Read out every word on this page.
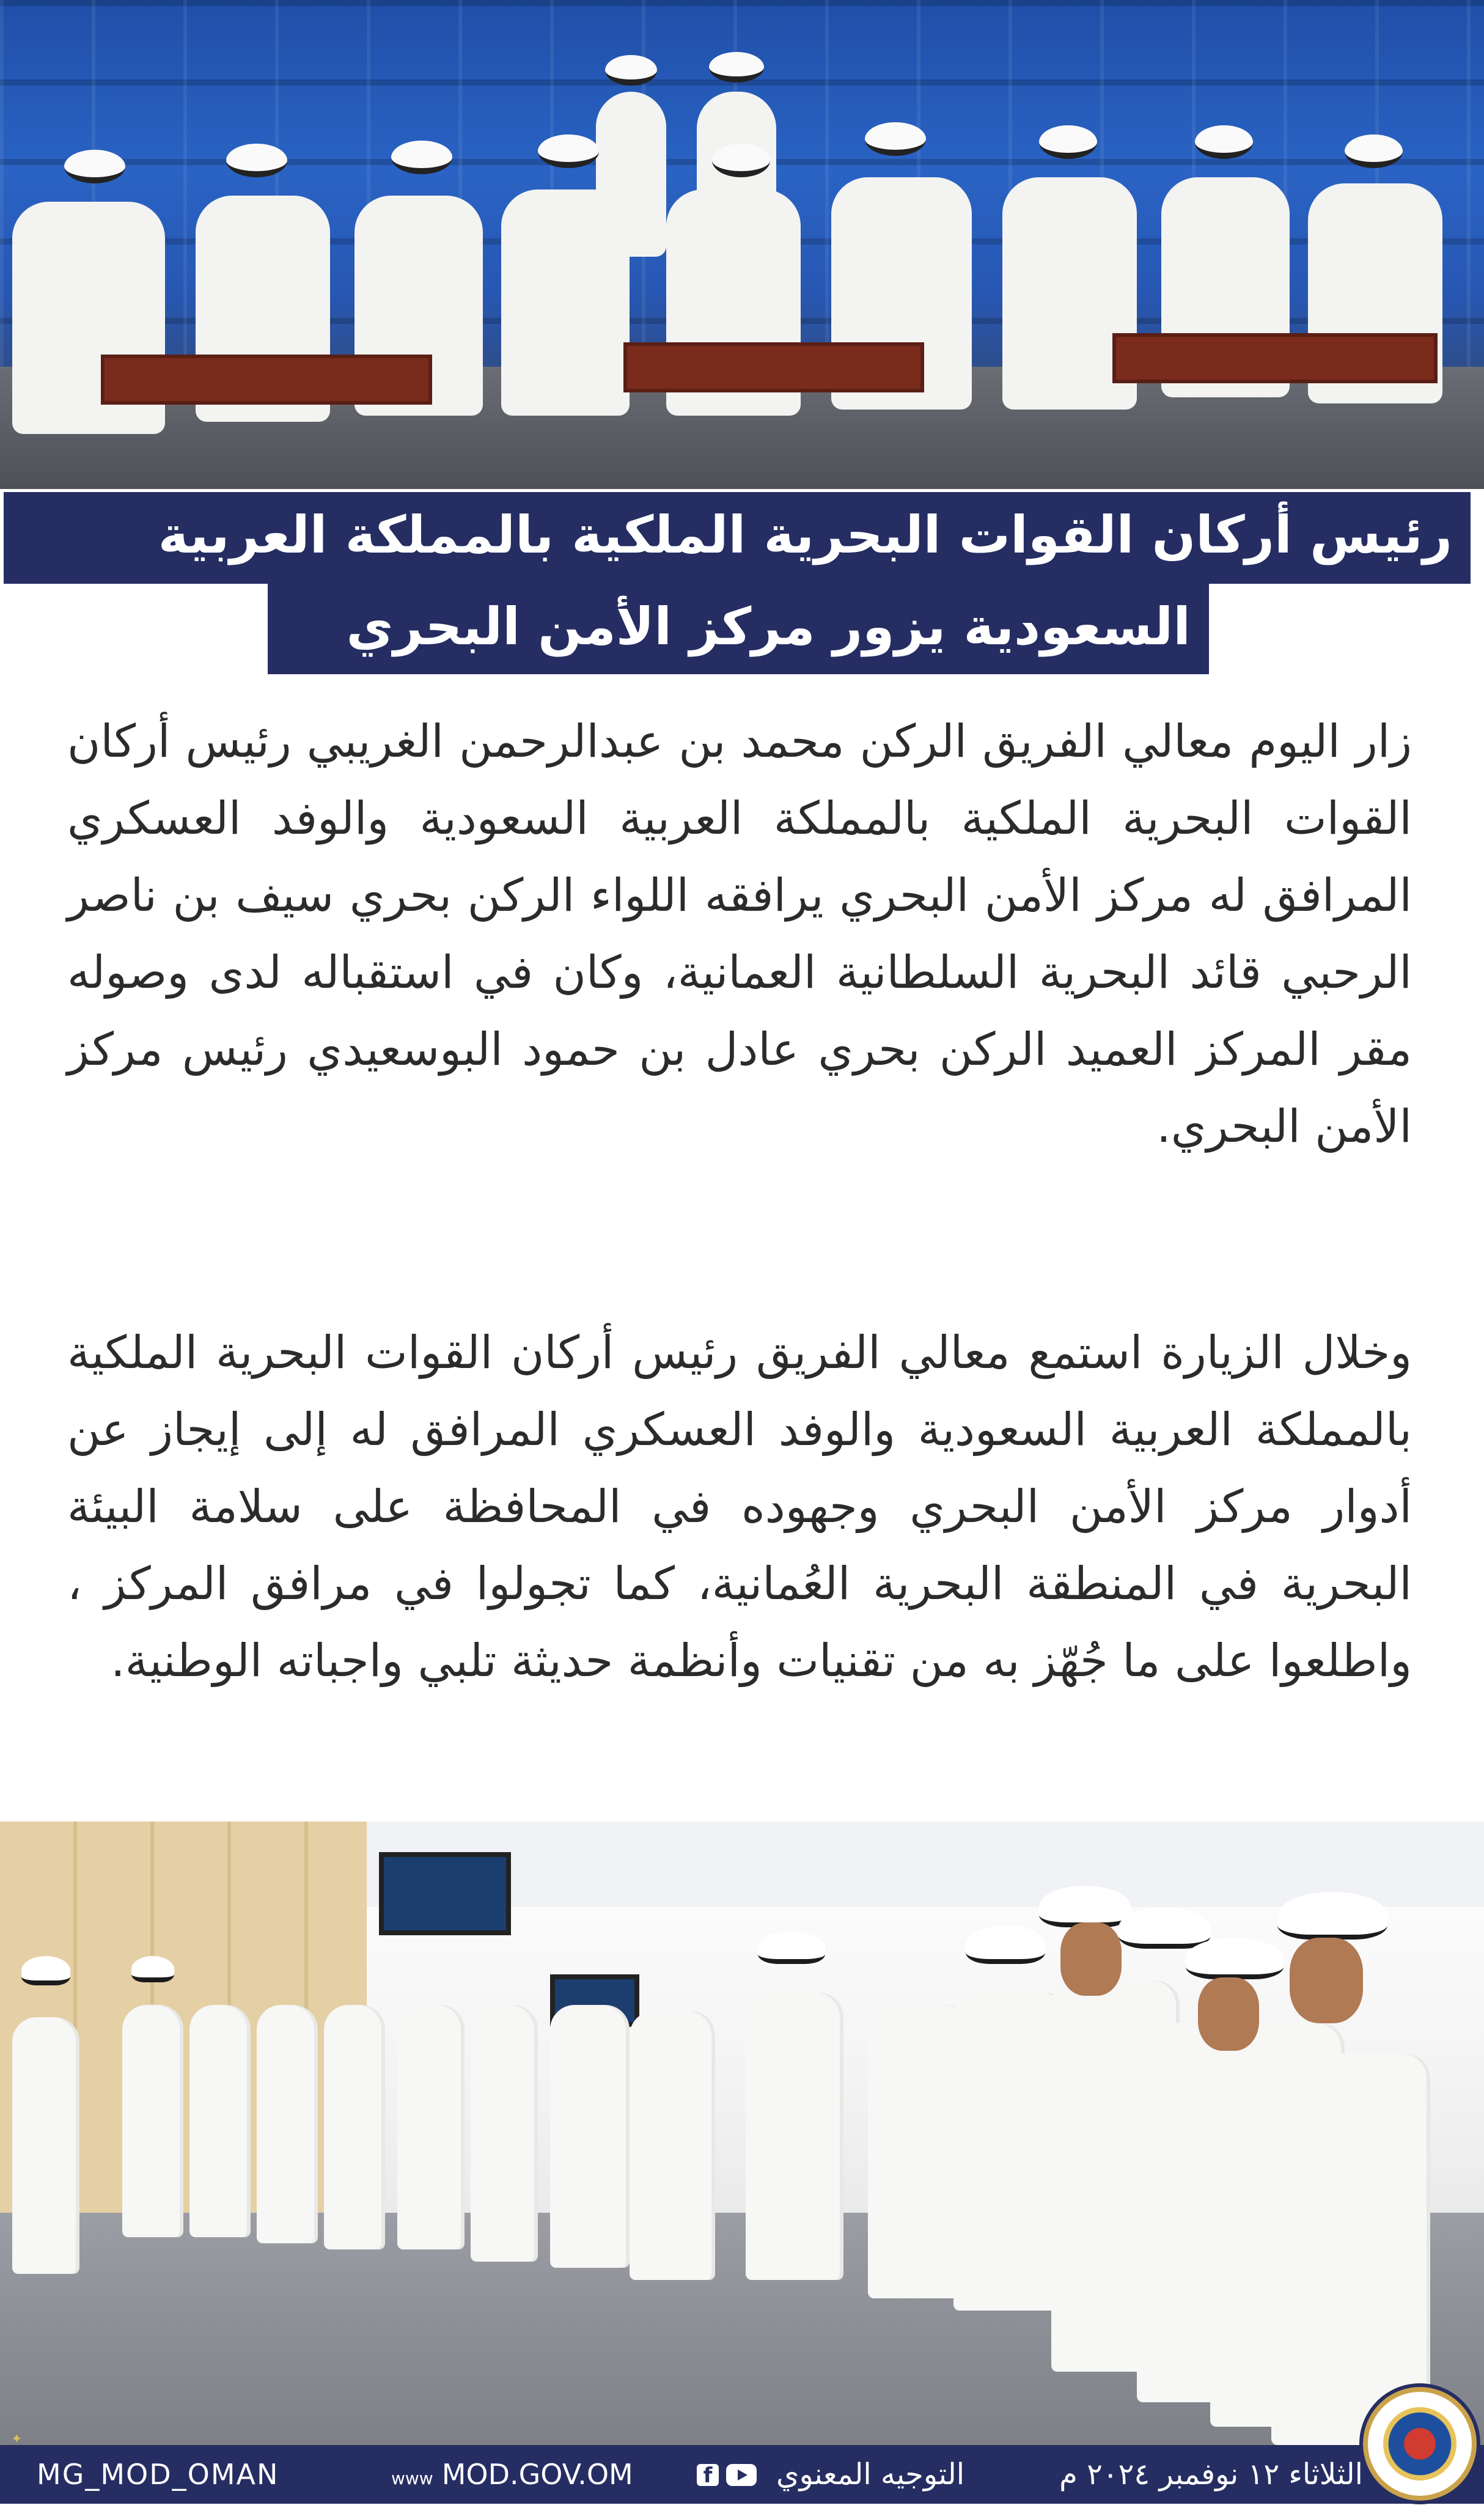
رئيس أركان القوات البحرية الملكية بالمملكة العربية
السعودية يزور مركز الأمن البحري
زار اليوم معالي الفريق الركن محمد بن عبدالرحمن الغريبي رئيس أركان القوات البحرية الملكية بالمملكة العربية السعودية والوفد العسكري المرافق له مركز الأمن البحري يرافقه اللواء الركن بحري سيف بن ناصر الرحبي قائد البحرية السلطانية العمانية، وكان في استقباله لدى وصوله مقر المركز العميد الركن بحري عادل بن حمود البوسعيدي رئيس مركز الأمن البحري.
وخلال الزيارة استمع معالي الفريق رئيس أركان القوات البحرية الملكية بالمملكة العربية السعودية والوفد العسكري المرافق له إلى إيجاز عن أدوار مركز الأمن البحري وجهوده في المحافظة على سلامة البيئة البحرية في المنطقة البحرية العُمانية، كما تجولوا في مرافق المركز ، واطلعوا على ما جُهّز به من تقنيات وأنظمة حديثة تلبي واجباته الوطنية.
MG_MOD_OMAN	www MOD.GOV.OM	f	التوجيه المعنوي	الثلاثاء ١٢ نوفمبر ٢٠٢٤ م
✦
